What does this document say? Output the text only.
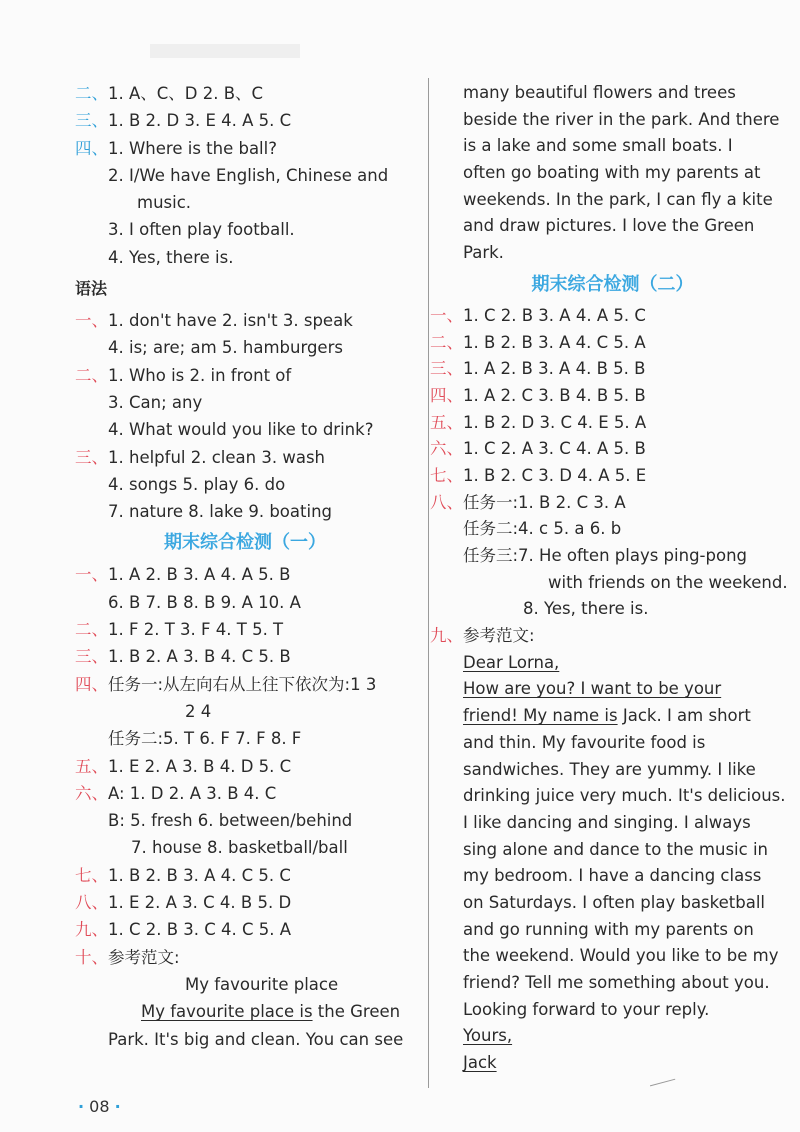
二、1. A、C、D 2. B、C
三、1. B 2. D 3. E 4. A 5. C
四、1. Where is the ball?
2. I/We have English, Chinese and
music.
3. I often play football.
4. Yes, there is.
语法
一、1. don't have 2. isn't 3. speak
4. is; are; am 5. hamburgers
二、1. Who is 2. in front of
3. Can; any
4. What would you like to drink?
三、1. helpful 2. clean 3. wash
4. songs 5. play 6. do
7. nature 8. lake 9. boating
期末综合检测（一）
一、1. A 2. B 3. A 4. A 5. B
6. B 7. B 8. B 9. A 10. A
二、1. F 2. T 3. F 4. T 5. T
三、1. B 2. A 3. B 4. C 5. B
四、任务一:从左向右从上往下依次为:1 3
2 4
任务二:5. T 6. F 7. F 8. F
五、1. E 2. A 3. B 4. D 5. C
六、A: 1. D 2. A 3. B 4. C
B: 5. fresh 6. between/behind
7. house 8. basketball/ball
七、1. B 2. B 3. A 4. C 5. C
八、1. E 2. A 3. C 4. B 5. D
九、1. C 2. B 3. C 4. C 5. A
十、参考范文:
My favourite place
My favourite place is the Green
Park. It's big and clean. You can see
many beautiful flowers and trees
beside the river in the park. And there
is a lake and some small boats. I
often go boating with my parents at
weekends. In the park, I can fly a kite
and draw pictures. I love the Green
Park.
期末综合检测（二）
一、1. C 2. B 3. A 4. A 5. C
二、1. B 2. B 3. A 4. C 5. A
三、1. A 2. B 3. A 4. B 5. B
四、1. A 2. C 3. B 4. B 5. B
五、1. B 2. D 3. C 4. E 5. A
六、1. C 2. A 3. C 4. A 5. B
七、1. B 2. C 3. D 4. A 5. E
八、任务一:1. B 2. C 3. A
任务二:4. c 5. a 6. b
任务三:7. He often plays ping-pong
with friends on the weekend.
8. Yes, there is.
九、参考范文:
Dear Lorna,
How are you? I want to be your
friend! My name is Jack. I am short
and thin. My favourite food is
sandwiches. They are yummy. I like
drinking juice very much. It's delicious.
I like dancing and singing. I always
sing alone and dance to the music in
my bedroom. I have a dancing class
on Saturdays. I often play basketball
and go running with my parents on
the weekend. Would you like to be my
friend? Tell me something about you.
Looking forward to your reply.
Yours,
Jack
· 08 ·
